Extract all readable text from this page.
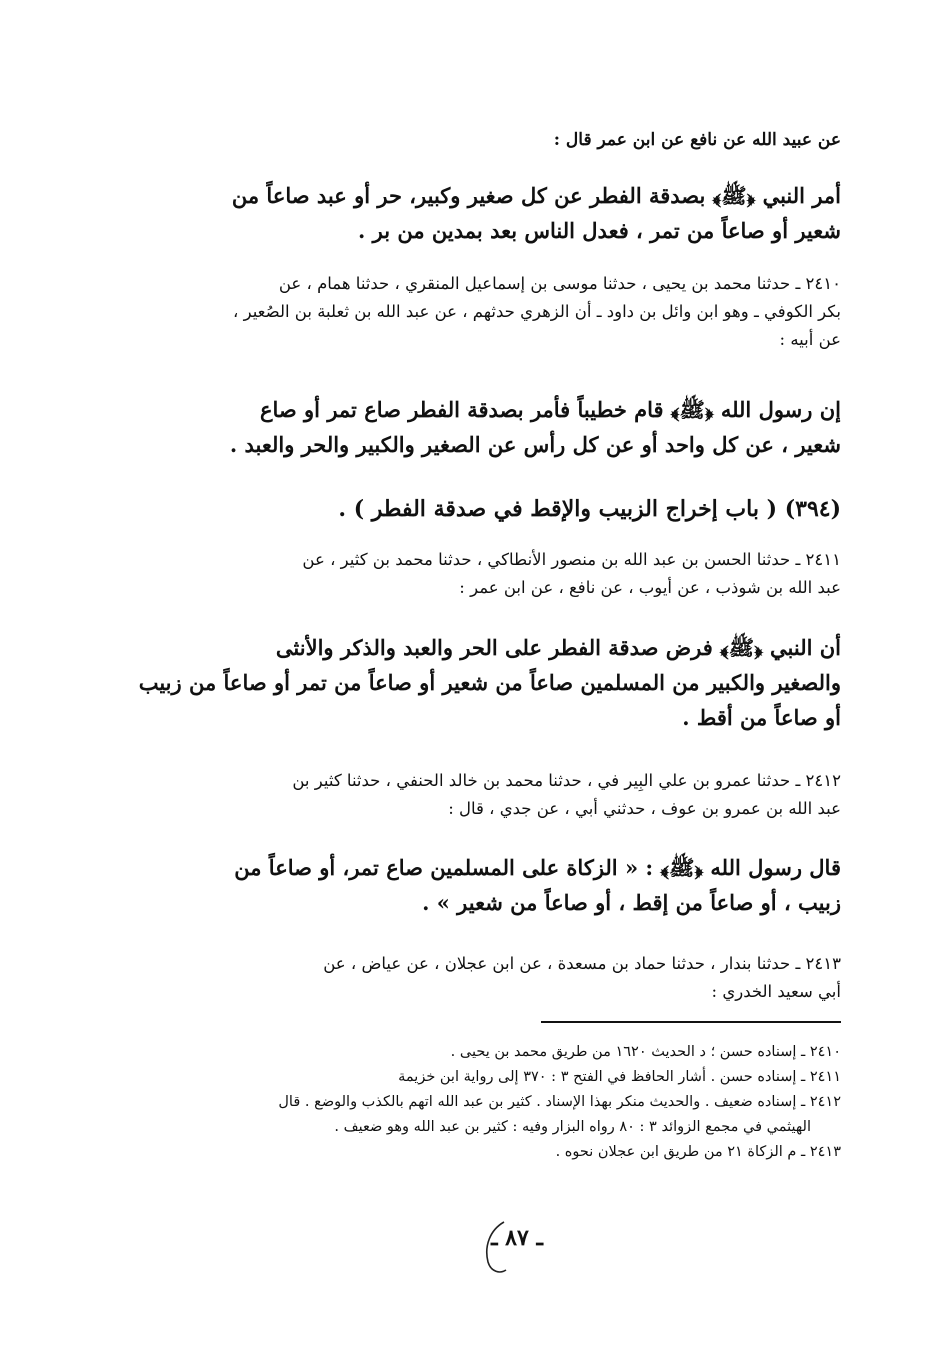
عن عبيد الله عن نافع عن ابن عمر قال :
أمر النبي ﴿ﷺ﴾ بصدقة الفطر عن كل صغير وكبير، حر أو عبد صاعاً من
شعير أو صاعاً من تمر ، فعدل الناس بعد بمدين من بر .
٢٤١٠ ـ حدثنا محمد بن يحيى ، حدثنا موسى بن إسماعيل المنقري ، حدثنا همام ، عن
بكر الكوفي ـ وهو ابن وائل بن داود ـ أن الزهري حدثهم ، عن عبد الله بن ثعلبة بن الصُعير ،
عن أبيه :
إن رسول الله ﴿ﷺ﴾ قام خطيباً فأمر بصدقة الفطر صاع تمر أو صاع
شعير ، عن كل واحد أو عن كل رأس عن الصغير والكبير والحر والعبد .
(٣٩٤) ( باب إخراج الزبيب والإقط في صدقة الفطر ) .
٢٤١١ ـ حدثنا الحسن بن عبد الله بن منصور الأنطاكي ، حدثنا محمد بن كثير ، عن
عبد الله بن شوذب ، عن أيوب ، عن نافع ، عن ابن عمر :
أن النبي ﴿ﷺ﴾ فرض صدقة الفطر على الحر والعبد والذكر والأنثى
والصغير والكبير من المسلمين صاعاً من شعير أو صاعاً من تمر أو صاعاً من زبيب
أو صاعاً من أقط .
٢٤١٢ ـ حدثنا عمرو بن علي البِير في ، حدثنا محمد بن خالد الحنفي ، حدثنا كثير بن
عبد الله بن عمرو بن عوف ، حدثني أبي ، عن جدي ، قال :
قال رسول الله ﴿ﷺ﴾ : « الزكاة على المسلمين صاع تمر، أو صاعاً من
زبيب ، أو صاعاً من إقط ، أو صاعاً من شعير » .
٢٤١٣ ـ حدثنا بندار ، حدثنا حماد بن مسعدة ، عن ابن عجلان ، عن عياض ، عن
أبي سعيد الخدري :
٢٤١٠ ـ إسناده حسن ؛ د الحديث ١٦٢٠ من طريق محمد بن يحيى .
٢٤١١ ـ إسناده حسن . أشار الحافظ في الفتح ٣ : ٣٧٠ إلى رواية ابن خزيمة
٢٤١٢ ـ إسناده ضعيف . والحديث منكر بهذا الإسناد . كثير بن عبد الله اتهم بالكذب والوضع . قال
الهيثمي في مجمع الزوائد ٣ : ٨٠ رواه البزار وفيه : كثير بن عبد الله وهو ضعيف .
٢٤١٣ ـ م الزكاة ٢١ من طريق ابن عجلان نحوه .
ـ ٨٧ ـ
